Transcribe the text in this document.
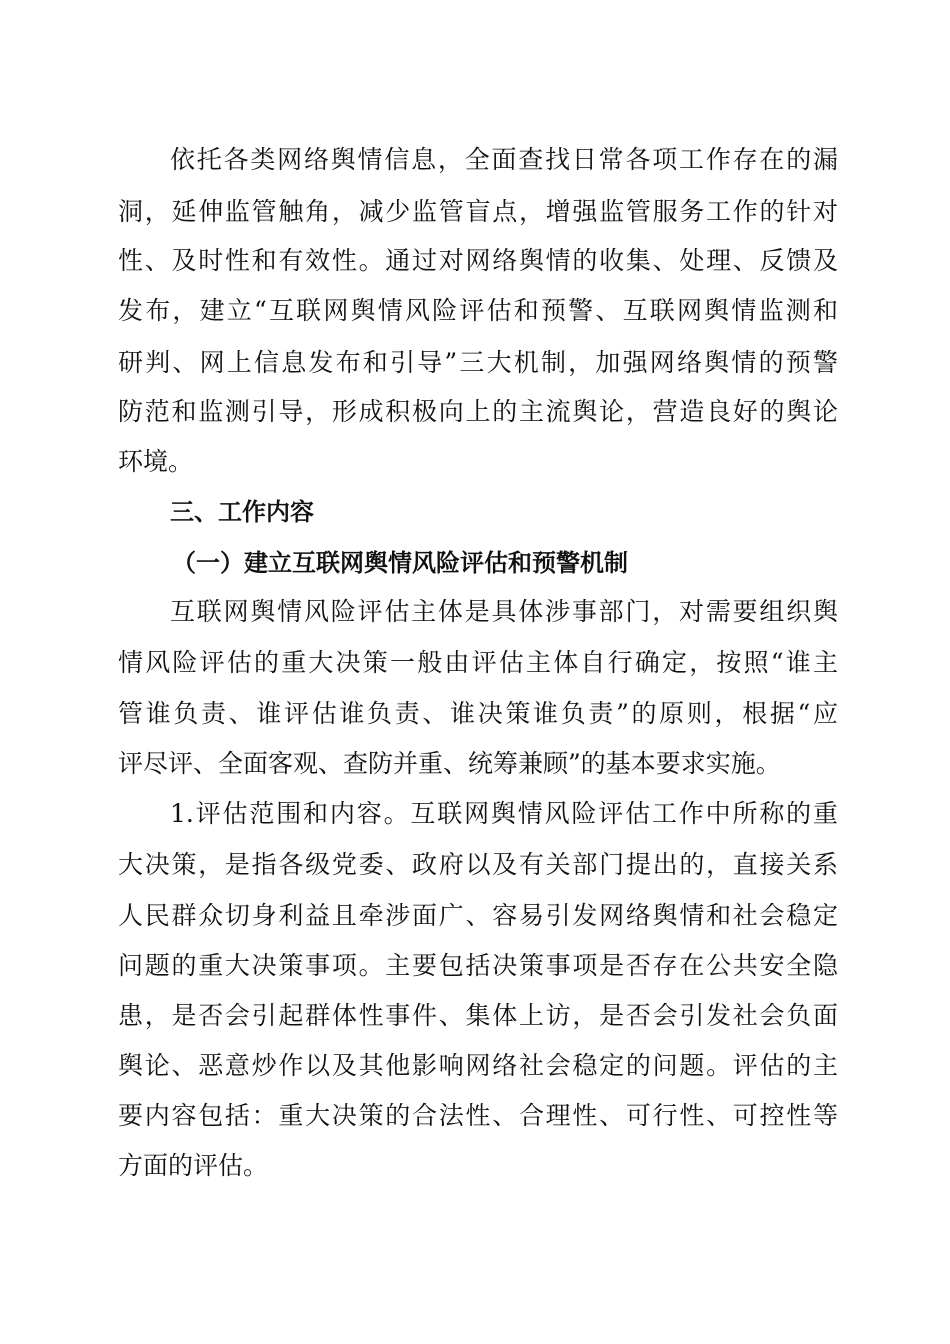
依托各类网络舆情信息，全面查找日常各项工作存在的漏
洞，延伸监管触角，减少监管盲点，增强监管服务工作的针对
性、及时性和有效性。通过对网络舆情的收集、处理、反馈及
发布，建立“互联网舆情风险评估和预警、互联网舆情监测和
研判、网上信息发布和引导”三大机制，加强网络舆情的预警
防范和监测引导，形成积极向上的主流舆论，营造良好的舆论
环境。
三、工作内容
（一）建立互联网舆情风险评估和预警机制
互联网舆情风险评估主体是具体涉事部门，对需要组织舆
情风险评估的重大决策一般由评估主体自行确定，按照“谁主
管谁负责、谁评估谁负责、谁决策谁负责”的原则，根据“应
评尽评、全面客观、查防并重、统筹兼顾”的基本要求实施。
1.评估范围和内容。互联网舆情风险评估工作中所称的重
大决策，是指各级党委、政府以及有关部门提出的，直接关系
人民群众切身利益且牵涉面广、容易引发网络舆情和社会稳定
问题的重大决策事项。主要包括决策事项是否存在公共安全隐
患，是否会引起群体性事件、集体上访，是否会引发社会负面
舆论、恶意炒作以及其他影响网络社会稳定的问题。评估的主
要内容包括：重大决策的合法性、合理性、可行性、可控性等
方面的评估。
